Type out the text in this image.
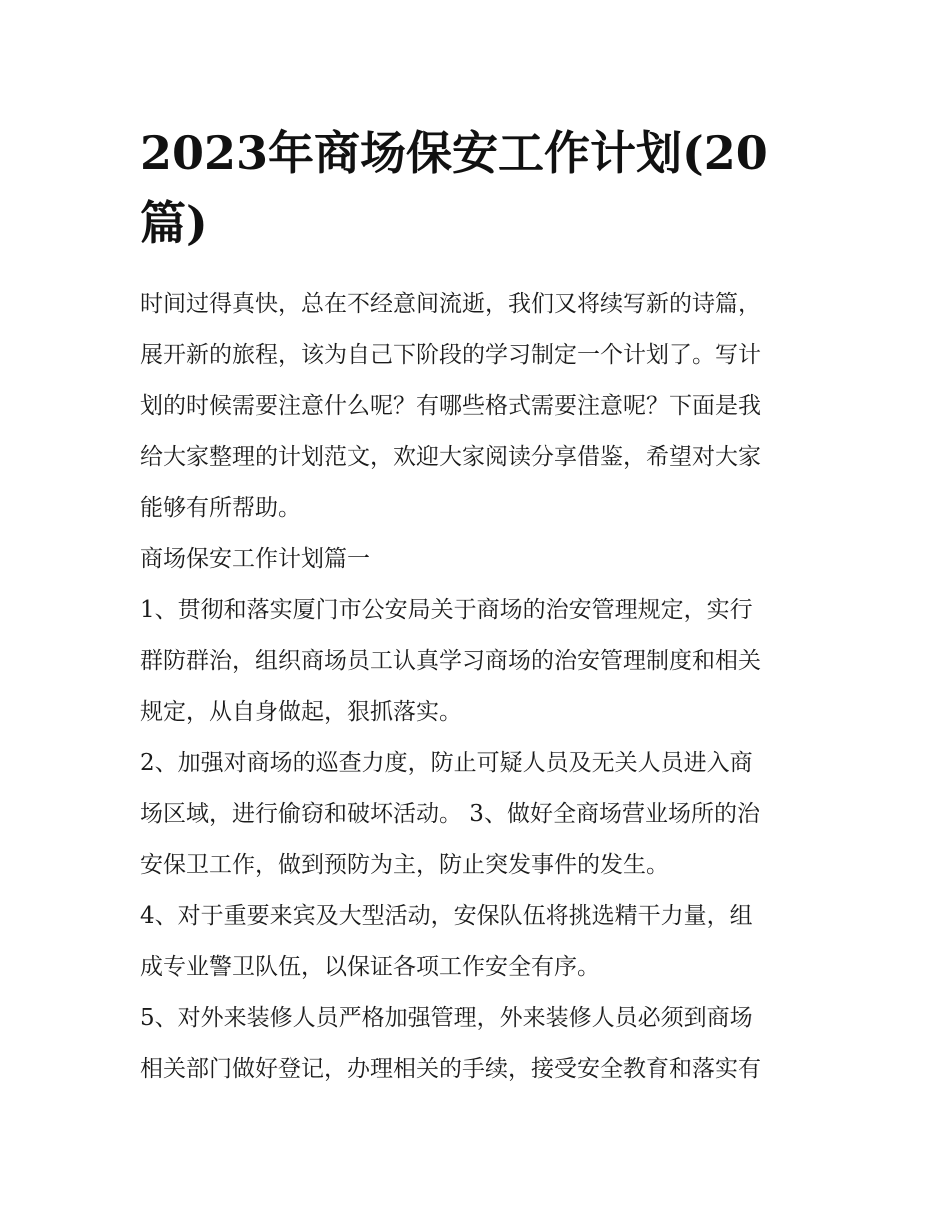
2023年商场保安工作计划(20
篇)
时间过得真快，总在不经意间流逝，我们又将续写新的诗篇，
展开新的旅程，该为自己下阶段的学习制定一个计划了。写计
划的时候需要注意什么呢？有哪些格式需要注意呢？下面是我
给大家整理的计划范文，欢迎大家阅读分享借鉴，希望对大家
能够有所帮助。
商场保安工作计划篇一
1、贯彻和落实厦门市公安局关于商场的治安管理规定，实行
群防群治，组织商场员工认真学习商场的治安管理制度和相关
规定，从自身做起，狠抓落实。
2、加强对商场的巡查力度，防止可疑人员及无关人员进入商
场区域，进行偷窃和破坏活动。 3、做好全商场营业场所的治
安保卫工作，做到预防为主，防止突发事件的发生。
4、对于重要来宾及大型活动，安保队伍将挑选精干力量，组
成专业警卫队伍，以保证各项工作安全有序。
5、对外来装修人员严格加强管理，外来装修人员必须到商场
相关部门做好登记，办理相关的手续，接受安全教育和落实有
